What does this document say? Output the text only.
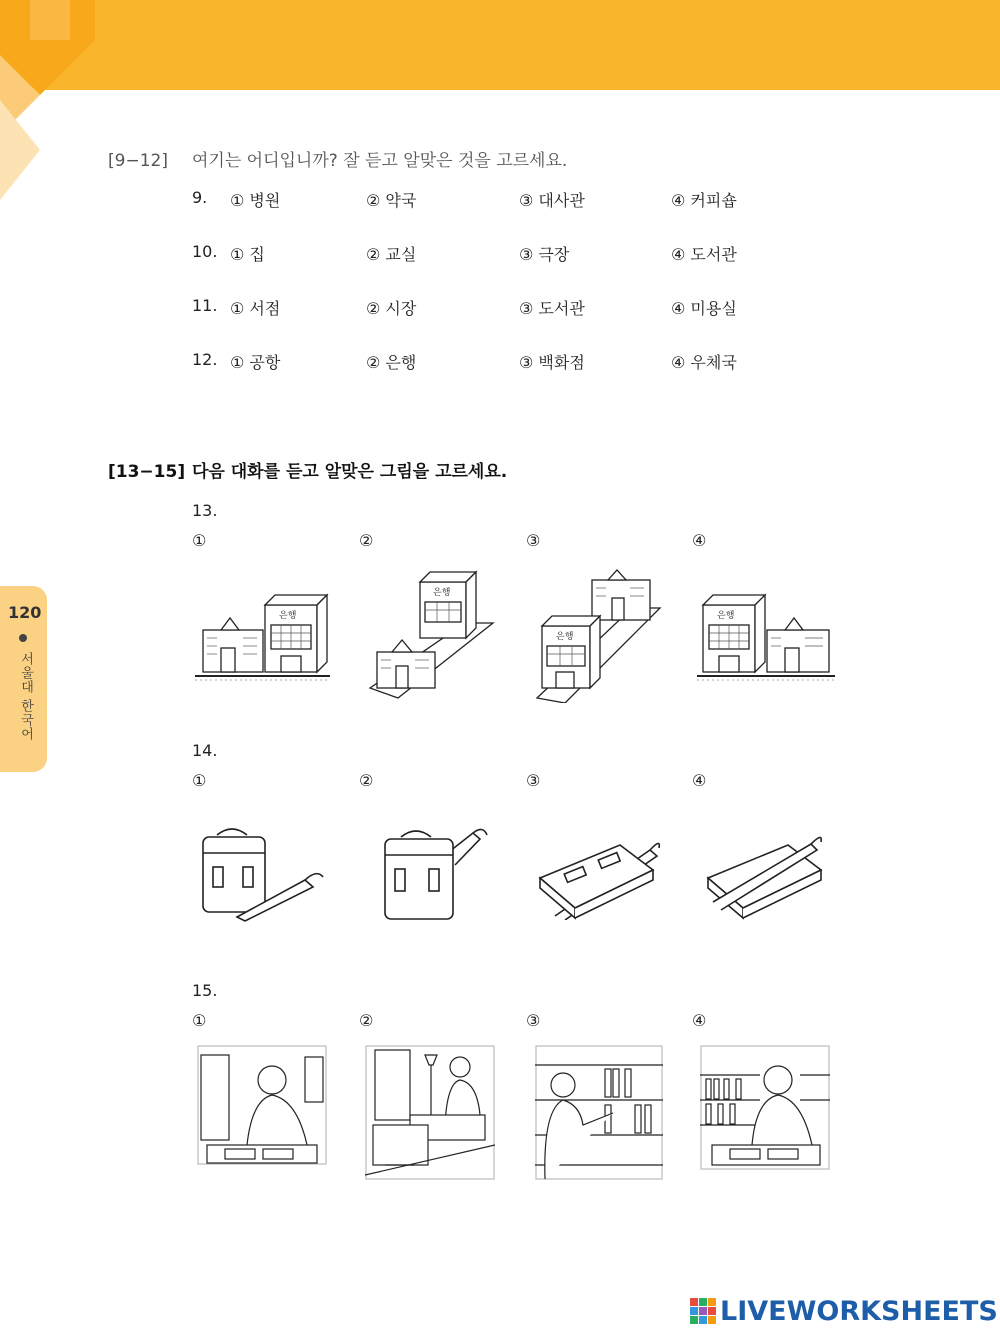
120
서울대 한국어
[9−12] 여기는 어디입니까? 잘 듣고 알맞은 것을 고르세요.
9. ① 병원	② 약국	③ 대사관	④ 커피숍
10. ① 집	② 교실	③ 극장	④ 도서관
11. ① 서점	② 시장	③ 도서관	④ 미용실
12. ① 공항	② 은행	③ 백화점	④ 우체국
[13−15] 다음 대화를 듣고 알맞은 그림을 고르세요.
13.
①	②	③	④
은행
은행
은행
은행
14.
①	②	③	④
15.
①	②	③	④
LIVEWORKSHEETS
